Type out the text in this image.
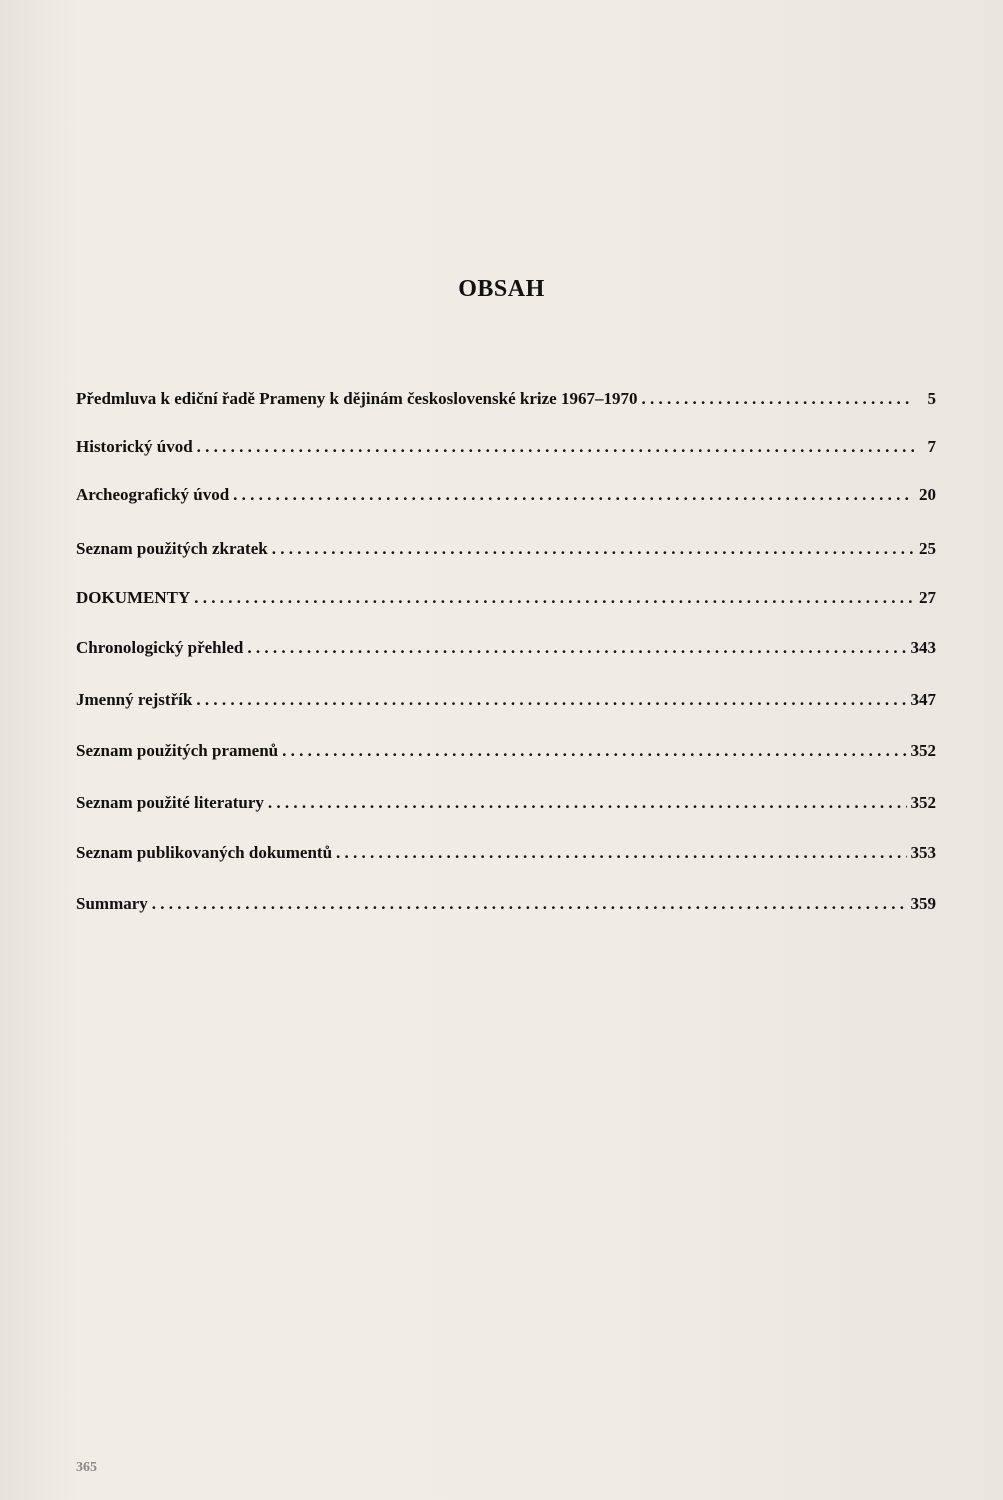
OBSAH
Předmluva k ediční řadě Prameny k dějinám československé krize 1967–1970 . . .	5
Historický úvod . . .	7
Archeografický úvod . . .	20
Seznam použitých zkratek . . .	25
DOKUMENTY . . .	27
Chronologický přehled . . .	343
Jmenný rejstřík . . .	347
Seznam použitých pramenů . . .	352
Seznam použité literatury . . .	352
Seznam publikovaných dokumentů . . .	353
Summary . . .	359
365
